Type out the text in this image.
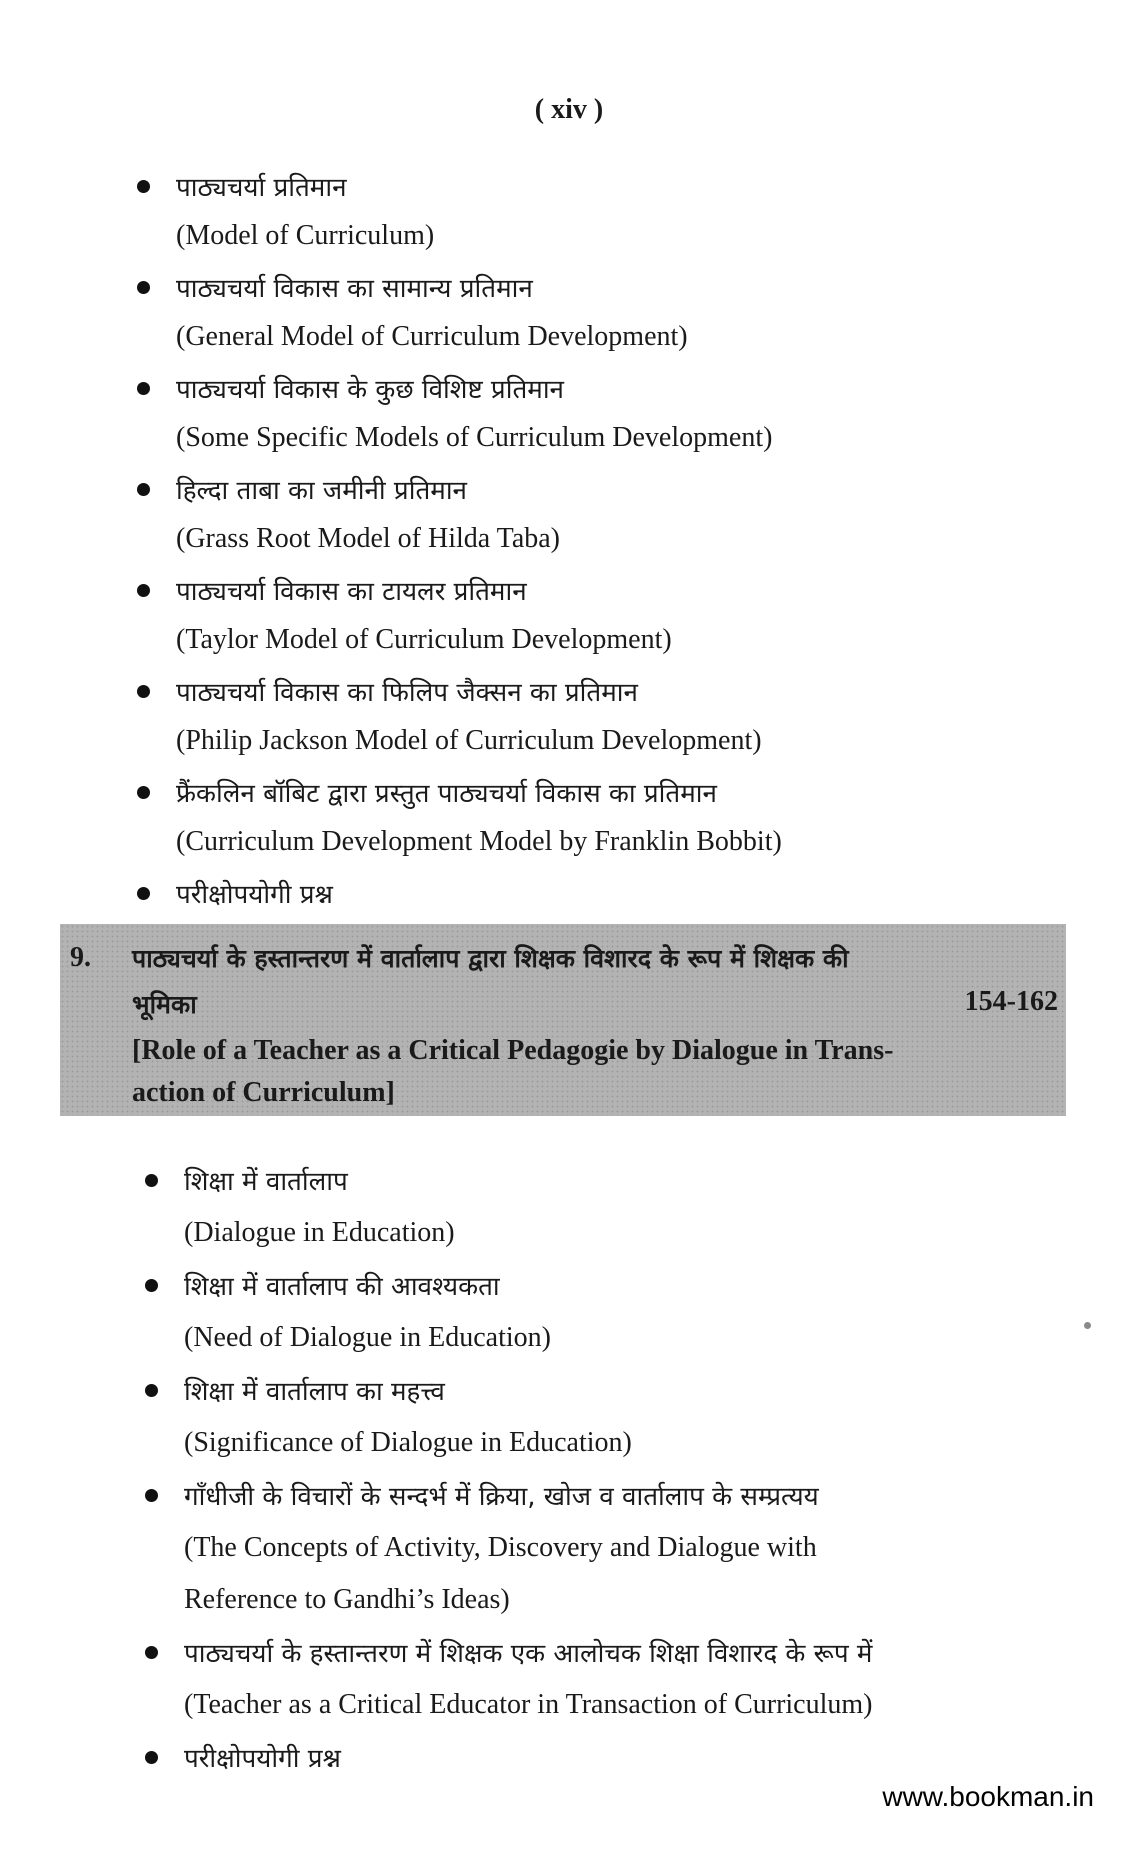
( xiv )
पाठ्यचर्या प्रतिमान
(Model of Curriculum)
पाठ्यचर्या विकास का सामान्य प्रतिमान
(General Model of Curriculum Development)
पाठ्यचर्या विकास के कुछ विशिष्ट प्रतिमान
(Some Specific Models of Curriculum Development)
हिल्दा ताबा का जमीनी प्रतिमान
(Grass Root Model of Hilda Taba)
पाठ्यचर्या विकास का टायलर प्रतिमान
(Taylor Model of Curriculum Development)
पाठ्यचर्या विकास का फिलिप जैक्सन का प्रतिमान
(Philip Jackson Model of Curriculum Development)
फ्रैंकलिन बॉबिट द्वारा प्रस्तुत पाठ्यचर्या विकास का प्रतिमान
(Curriculum Development Model by Franklin Bobbit)
परीक्षोपयोगी प्रश्न
9. पाठ्यचर्या के हस्तान्तरण में वार्तालाप द्वारा शिक्षक विशारद के रूप में शिक्षक की भूमिका	154-162
[Role of a Teacher as a Critical Pedagogie by Dialogue in Trans-action of Curriculum]
शिक्षा में वार्तालाप
(Dialogue in Education)
शिक्षा में वार्तालाप की आवश्यकता
(Need of Dialogue in Education)
शिक्षा में वार्तालाप का महत्त्व
(Significance of Dialogue in Education)
गाँधीजी के विचारों के सन्दर्भ में क्रिया, खोज व वार्तालाप के सम्प्रत्यय
(The Concepts of Activity, Discovery and Dialogue with
Reference to Gandhi’s Ideas)
पाठ्यचर्या के हस्तान्तरण में शिक्षक एक आलोचक शिक्षा विशारद के रूप में
(Teacher as a Critical Educator in Transaction of Curriculum)
परीक्षोपयोगी प्रश्न
www.bookman.in
